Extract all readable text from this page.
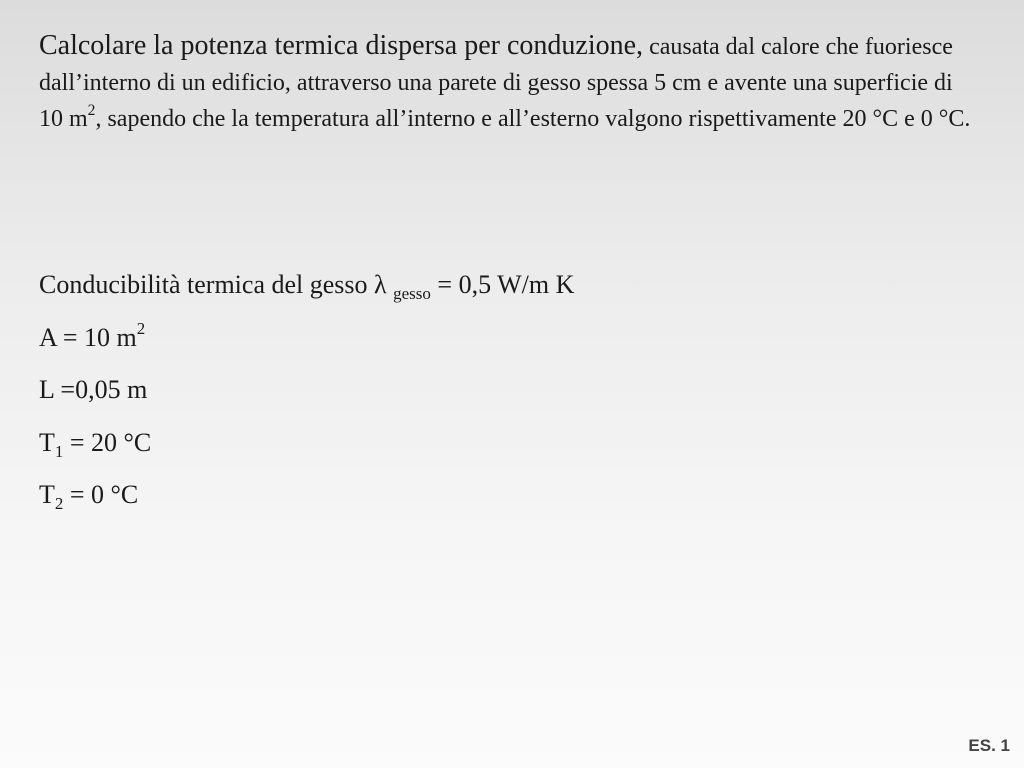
Calcolare la potenza termica dispersa per conduzione, causata dal calore che fuoriesce dall’interno di un edificio, attraverso una parete di gesso spessa 5 cm e avente una superficie di 10 $m^2$, sapendo che la temperatura all’interno e all’esterno valgono rispettivamente 20 °C e 0 °C.

Conducibilità termica del gesso λ $_{gesso}$ = 0,5 W/m K
A = 10 $m^2$
L =0,05 m
$T_1 = 20$ °C
$T_2 = 0$ °C
ES. 1
